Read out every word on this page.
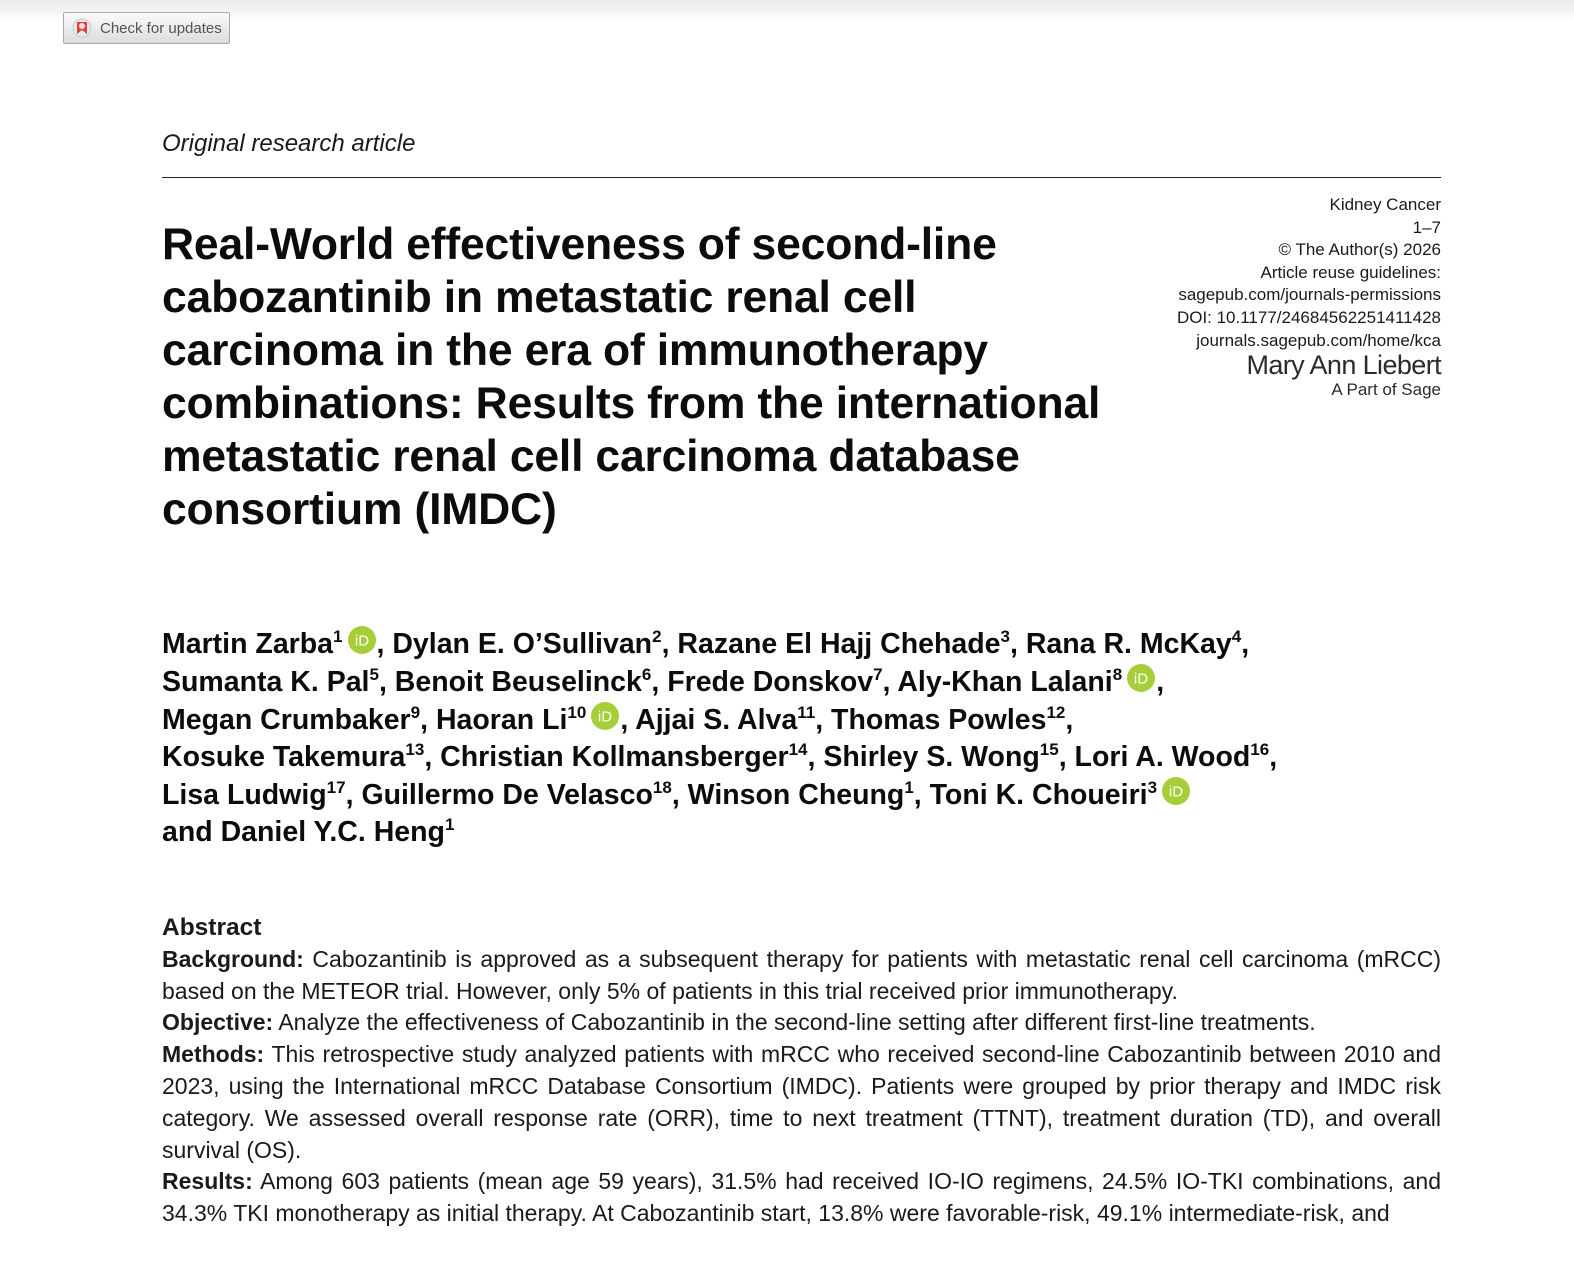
Check for updates
Original research article
Kidney Cancer
1–7
© The Author(s) 2026
Article reuse guidelines:
sagepub.com/journals-permissions
DOI: 10.1177/24684562251411428
journals.sagepub.com/home/kca
Mary Ann Liebert
A Part of Sage
Real-World effectiveness of second-line cabozantinib in metastatic renal cell carcinoma in the era of immunotherapy combinations: Results from the international metastatic renal cell carcinoma database consortium (IMDC)
Martin Zarba$^1$ iD , Dylan E. O’Sullivan$^2$, Razane El Hajj Chehade$^3$, Rana R. McKay$^4$,
Sumanta K. Pal$^5$, Benoit Beuselinck$^6$, Frede Donskov$^7$, Aly-Khan Lalani$^8$ iD ,
Megan Crumbaker$^9$, Haoran Li$^{10}$ iD , Ajjai S. Alva$^{11}$, Thomas Powles$^{12}$,
Kosuke Takemura$^{13}$, Christian Kollmansberger$^{14}$, Shirley S. Wong$^{15}$, Lori A. Wood$^{16}$,
Lisa Ludwig$^{17}$, Guillermo De Velasco$^{18}$, Winson Cheung$^1$, Toni K. Choueiri$^3$ iD

and Daniel Y.C. Heng$^1$
Abstract

Background: Cabozantinib is approved as a subsequent therapy for patients with metastatic renal cell carcinoma (mRCC) based on the METEOR trial. However, only 5% of patients in this trial received prior immunotherapy.

Objective: Analyze the effectiveness of Cabozantinib in the second-line setting after different first-line treatments.

Methods: This retrospective study analyzed patients with mRCC who received second-line Cabozantinib between 2010 and 2023, using the International mRCC Database Consortium (IMDC). Patients were grouped by prior therapy and IMDC risk category. We assessed overall response rate (ORR), time to next treatment (TTNT), treatment duration (TD), and overall survival (OS).

Results: Among 603 patients (mean age 59 years), 31.5% had received IO-IO regimens, 24.5% IO-TKI combinations, and 34.3% TKI monotherapy as initial therapy. At Cabozantinib start, 13.8% were favorable-risk, 49.1% intermediate-risk, and
